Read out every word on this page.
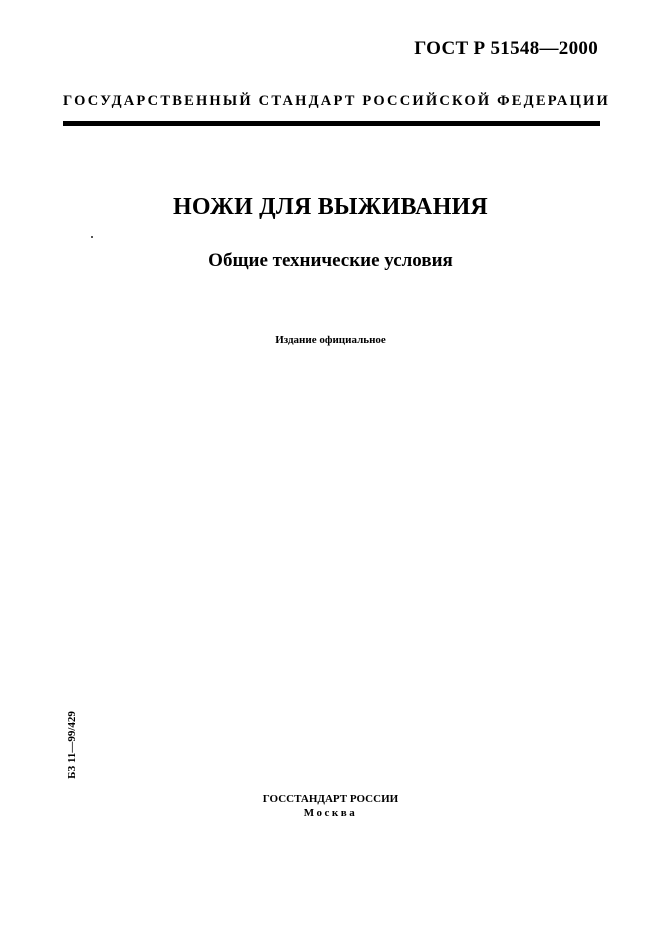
ГОСТ Р 51548—2000
ГОСУДАРСТВЕННЫЙ СТАНДАРТ РОССИЙСКОЙ ФЕДЕРАЦИИ
НОЖИ ДЛЯ ВЫЖИВАНИЯ
Общие технические условия
Издание официальное
БЗ 11—99/429
ГОССТАНДАРТ РОССИИ
Москва
